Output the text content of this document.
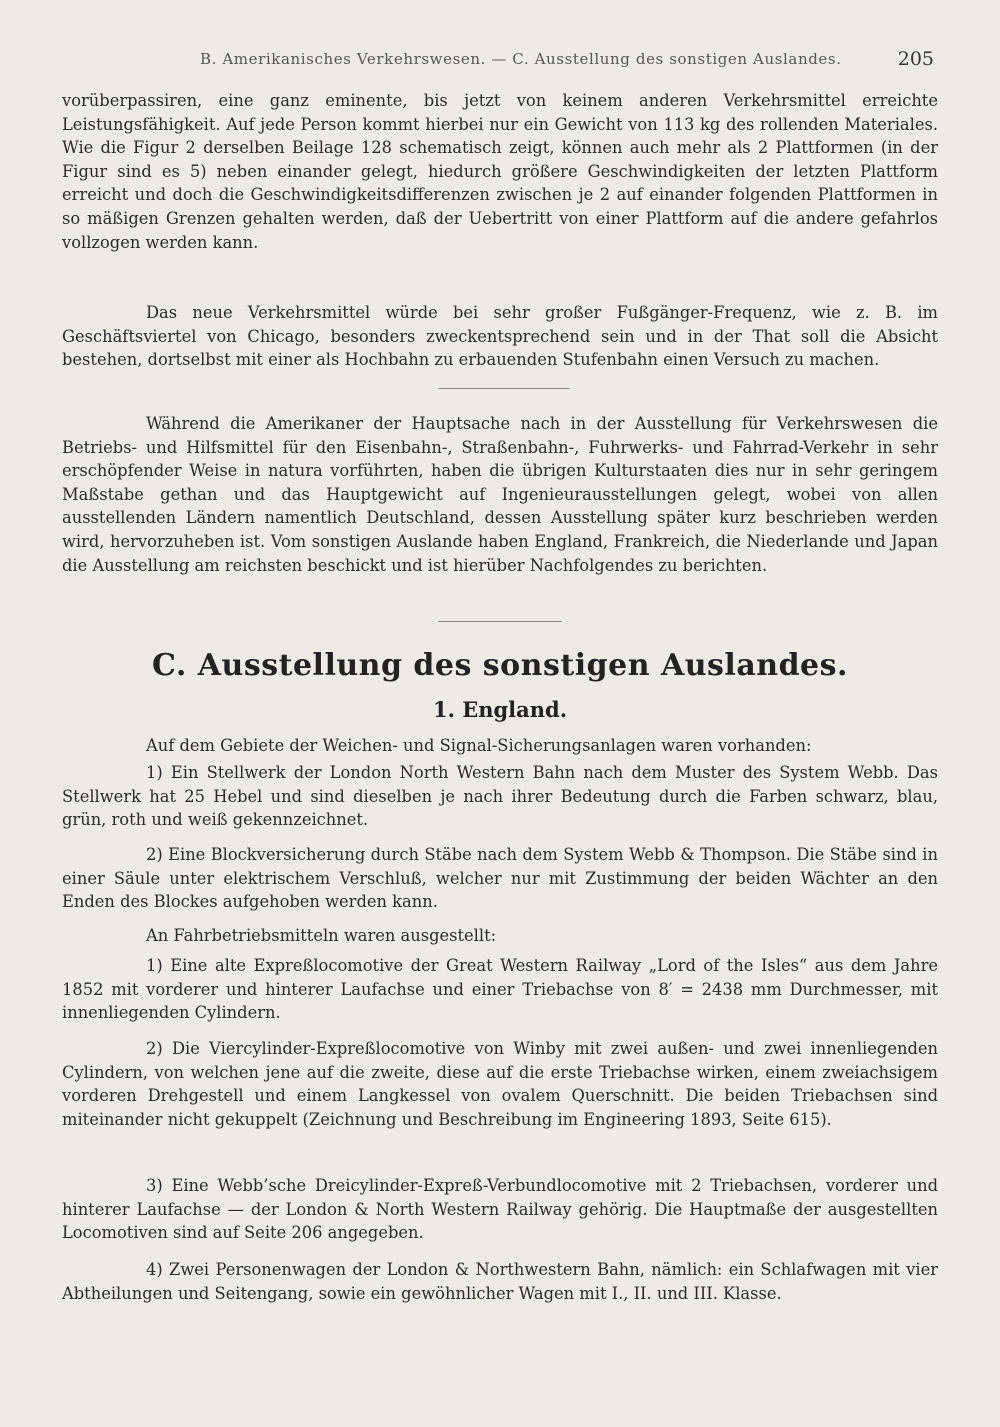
B. Amerikanisches Verkehrswesen. — C. Ausstellung des sonstigen Auslandes.	205

vorüberpassiren, eine ganz eminente, bis jetzt von keinem anderen Verkehrsmittel erreichte Leistungsfähigkeit. Auf jede Person kommt hierbei nur ein Gewicht von 113 kg des rollenden Materiales. Wie die Figur 2 derselben Beilage 128 schematisch zeigt, können auch mehr als 2 Plattformen (in der Figur sind es 5) neben einander gelegt, hiedurch größere Geschwindigkeiten der letzten Plattform erreicht und doch die Geschwindigkeitsdifferenzen zwischen je 2 auf einander folgenden Plattformen in so mäßigen Grenzen gehalten werden, daß der Uebertritt von einer Plattform auf die andere gefahrlos vollzogen werden kann.

Das neue Verkehrsmittel würde bei sehr großer Fußgänger-Frequenz, wie z. B. im Geschäftsviertel von Chicago, besonders zweckentsprechend sein und in der That soll die Absicht bestehen, dortselbst mit einer als Hochbahn zu erbauenden Stufenbahn einen Versuch zu machen.

Während die Amerikaner der Hauptsache nach in der Ausstellung für Verkehrswesen die Betriebs- und Hilfsmittel für den Eisenbahn-, Straßenbahn-, Fuhrwerks- und Fahrrad-Verkehr in sehr erschöpfender Weise in natura vorführten, haben die übrigen Kulturstaaten dies nur in sehr geringem Maßstabe gethan und das Hauptgewicht auf Ingenieurausstellungen gelegt, wobei von allen ausstellenden Ländern namentlich Deutschland, dessen Ausstellung später kurz beschrieben werden wird, hervorzuheben ist. Vom sonstigen Auslande haben England, Frankreich, die Niederlande und Japan die Ausstellung am reichsten beschickt und ist hierüber Nachfolgendes zu berichten.

C. Ausstellung des sonstigen Auslandes.
1. England.

Auf dem Gebiete der Weichen- und Signal-Sicherungsanlagen waren vorhanden:

1) Ein Stellwerk der London North Western Bahn nach dem Muster des System Webb. Das Stellwerk hat 25 Hebel und sind dieselben je nach ihrer Bedeutung durch die Farben schwarz, blau, grün, roth und weiß gekennzeichnet.

2) Eine Blockversicherung durch Stäbe nach dem System Webb & Thompson. Die Stäbe sind in einer Säule unter elektrischem Verschluß, welcher nur mit Zustimmung der beiden Wächter an den Enden des Blockes aufgehoben werden kann.

An Fahrbetriebsmitteln waren ausgestellt:

1) Eine alte Expreßlocomotive der Great Western Railway „Lord of the Isles“ aus dem Jahre 1852 mit vorderer und hinterer Laufachse und einer Triebachse von 8′ = 2438 mm Durchmesser, mit innenliegenden Cylindern.

2) Die Viercylinder-Expreßlocomotive von Winby mit zwei außen- und zwei innenliegenden Cylindern, von welchen jene auf die zweite, diese auf die erste Triebachse wirken, einem zweiachsigem vorderen Drehgestell und einem Langkessel von ovalem Querschnitt. Die beiden Triebachsen sind miteinander nicht gekuppelt (Zeichnung und Beschreibung im Engineering 1893, Seite 615).

3) Eine Webb’sche Dreicylinder-Expreß-Verbundlocomotive mit 2 Triebachsen, vorderer und hinterer Laufachse — der London & North Western Railway gehörig. Die Hauptmaße der ausgestellten Locomotiven sind auf Seite 206 angegeben.

4) Zwei Personenwagen der London & Northwestern Bahn, nämlich: ein Schlafwagen mit vier Abtheilungen und Seitengang, sowie ein gewöhnlicher Wagen mit I., II. und III. Klasse.
